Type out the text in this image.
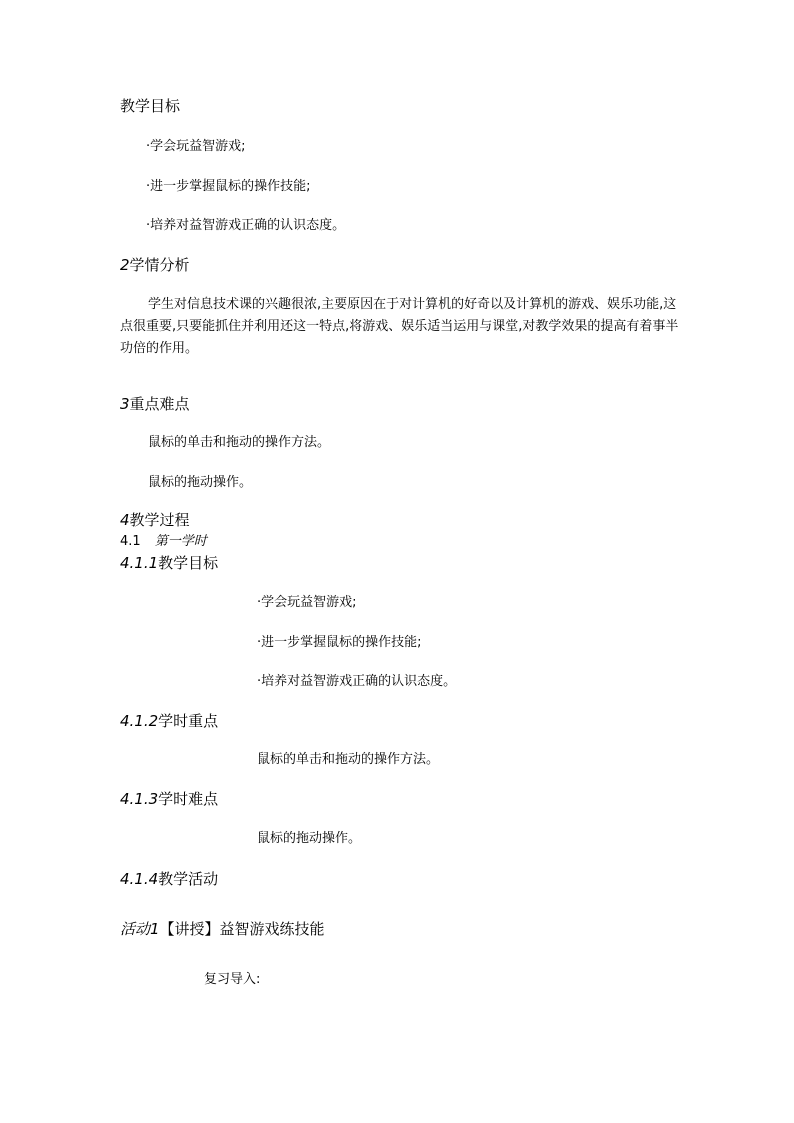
教学目标
·学会玩益智游戏;
·进一步掌握鼠标的操作技能;
·培养对益智游戏正确的认识态度。
2学情分析
学生对信息技术课的兴趣很浓,主要原因在于对计算机的好奇以及计算机的游戏、娱乐功能,这点很重要,只要能抓住并利用还这一特点,将游戏、娱乐适当运用与课堂,对教学效果的提高有着事半功倍的作用。
3重点难点
鼠标的单击和拖动的操作方法。
鼠标的拖动操作。
4教学过程
4.1 第一学时
4.1.1教学目标
·学会玩益智游戏;
·进一步掌握鼠标的操作技能;
·培养对益智游戏正确的认识态度。
4.1.2学时重点
鼠标的单击和拖动的操作方法。
4.1.3学时难点
鼠标的拖动操作。
4.1.4教学活动
活动1【讲授】益智游戏练技能
复习导入:
